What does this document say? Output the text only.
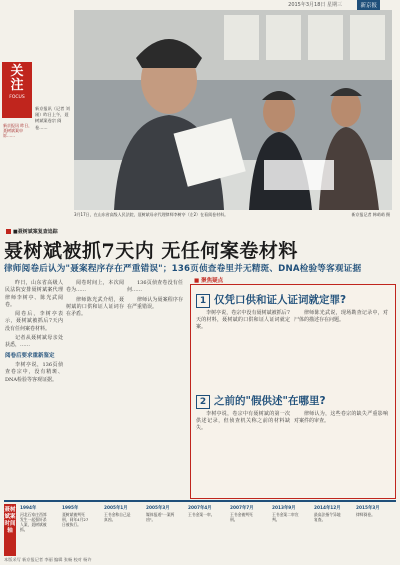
2015年3月18日 星期三	新京报
关
注
FOCUS
新京报讯 昨日，聂树斌案申诉……
新京报讯（记者 刘刚）昨日上午，聂树斌案卷宗 阅卷……
3月17日，在山东省高级人民法院，聂树斌母亲代理律师李树亭（左2）在看阅卷材料。	新京报记者 韩萌萌 摄
■聂树斌案复查追踪
聂树斌被抓7天内 无任何案卷材料
律师阅卷后认为"聂案程序存在严重错误"；136页侦查卷里并无精斑、DNA检验等客观证据

昨日，山东省高级人民法院安排聂树斌案代理律师李树亭、陈光武阅卷。

阅卷后，李树亭表示，聂树斌被抓后7天内没有任何案卷材料。

记者从聂树斌母亲处获悉，……

阅卷后要求重新鉴定

李树亭说，136页侦查卷宗中，没有精斑、DNA检验等客观证据。

阅卷时间上，本次阅卷为……

律师陈光武介绍，聂树斌的口供和证人证词存在矛盾。

136页侦查卷没有任何……

律师认为聂案程序存在严重错误。

■ 聚焦疑点
1 仅凭口供和证人证词就定罪?

李树亭说，卷宗中没有聂树斌被抓后7天的材料，聂树斌的口供和证人证词就定案。

律师陈光武说，现场勘查记录中，对尸体的描述存在问题。

2 之前的"假供述"在哪里?

李树亭说，卷宗中有聂树斌的第一次供述记录，但侦查机关称之前的材料缺失。

律师认为，这些卷宗的缺失严重影响对案件的审查。

聂树斌案时间轴
1994年
河北石家庄西郊发生一起强奸杀人案，聂树斌被抓。
1995年
聂树斌被判死刑，同年4月27日被执行。
2005年1月
王书金称自己是真凶。
2005年3月
媒体报道"一案两凶"。
2007年4月
王书金案一审。
2007年7月
王书金被判死刑。
2013年9月
王书金案二审宣判。
2014年12月
最高法指令异地复查。
2015年3月
律师阅卷。
本版采写 新京报记者 李丽 编辑 张畅 校对 杨许
